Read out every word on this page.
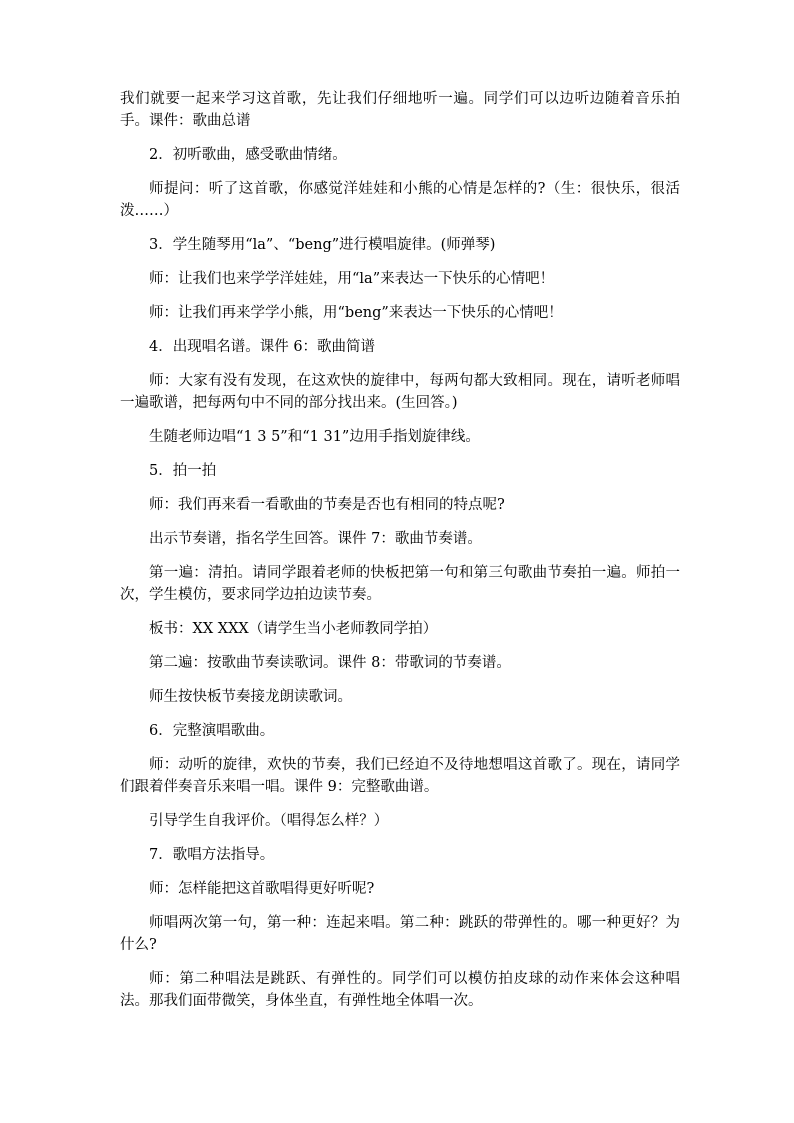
我们就要一起来学习这首歌，先让我们仔细地听一遍。同学们可以边听边随着音乐拍手。课件：歌曲总谱

2．初听歌曲，感受歌曲情绪。

师提问：听了这首歌，你感觉洋娃娃和小熊的心情是怎样的?（生：很快乐，很活泼……）

3．学生随琴用“la”、“beng”进行模唱旋律。(师弹琴)

师：让我们也来学学洋娃娃，用“la”来表达一下快乐的心情吧！

师：让我们再来学学小熊，用“beng”来表达一下快乐的心情吧！

4．出现唱名谱。课件 6：歌曲简谱

师：大家有没有发现，在这欢快的旋律中，每两句都大致相同。现在，请听老师唱一遍歌谱，把每两句中不同的部分找出来。(生回答。)

生随老师边唱“1 3 5”和“1 31”边用手指划旋律线。

5．拍一拍

师：我们再来看一看歌曲的节奏是否也有相同的特点呢?

出示节奏谱，指名学生回答。课件 7：歌曲节奏谱。

第一遍：清拍。请同学跟着老师的快板把第一句和第三句歌曲节奏拍一遍。师拍一次，学生模仿，要求同学边拍边读节奏。

板书：XX XXX（请学生当小老师教同学拍）

第二遍：按歌曲节奏读歌词。课件 8：带歌词的节奏谱。

师生按快板节奏接龙朗读歌词。

6．完整演唱歌曲。

师：动听的旋律，欢快的节奏，我们已经迫不及待地想唱这首歌了。现在，请同学们跟着伴奏音乐来唱一唱。课件 9：完整歌曲谱。

引导学生自我评价。（唱得怎么样？）

7．歌唱方法指导。

师：怎样能把这首歌唱得更好听呢?

师唱两次第一句，第一种：连起来唱。第二种：跳跃的带弹性的。哪一种更好？为什么?

师：第二种唱法是跳跃、有弹性的。同学们可以模仿拍皮球的动作来体会这种唱法。那我们面带微笑，身体坐直，有弹性地全体唱一次。
